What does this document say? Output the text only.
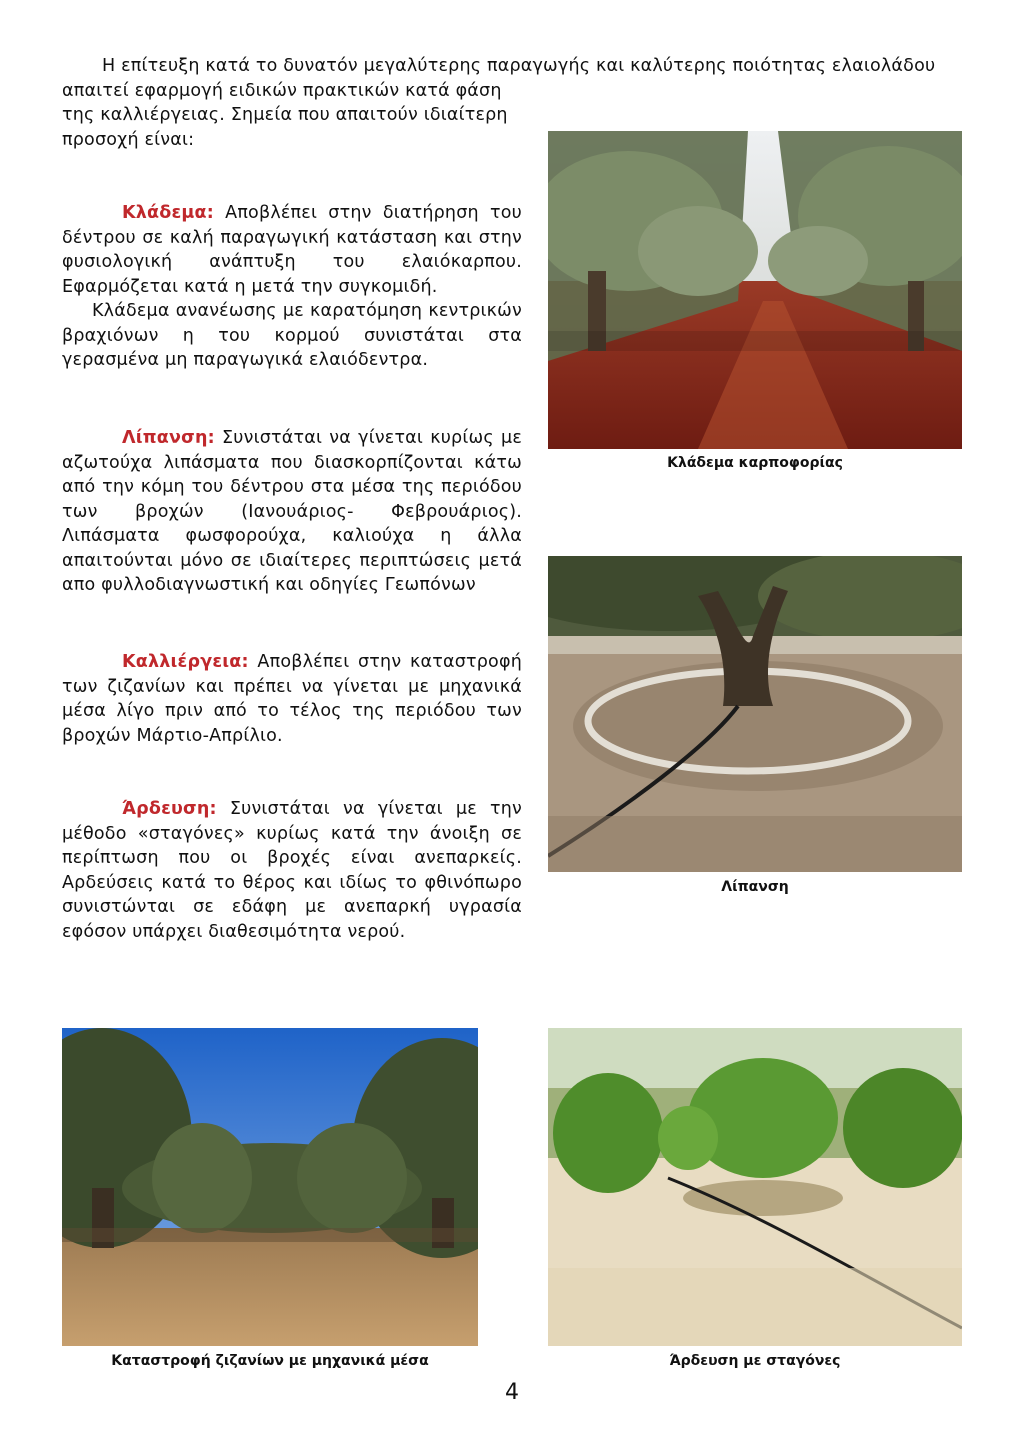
Η επίτευξη κατά το δυνατόν μεγαλύτερης παραγωγής και καλύτερης ποιότητας ελαιολάδου
απαιτεί εφαρμογή ειδικών πρακτικών κατά φάση της καλλιέργειας. Σημεία που απαιτούν ιδιαίτερη προσοχή είναι:

Κλάδεμα: Αποβλέπει στην διατήρηση του δέντρου σε καλή παραγωγική κατάσταση και στην φυσιολογική ανάπτυξη του ελαιόκαρπου. Εφαρμόζεται κατά η μετά την συγκομιδή.

Κλάδεμα ανανέωσης με καρατόμηση κεντρικών βραχιόνων η του κορμού συνιστάται στα γερασμένα μη παραγωγικά ελαιόδεντρα.

Λίπανση: Συνιστάται να γίνεται κυρίως με αζωτούχα λιπάσματα που διασκορπίζονται κάτω από την κόμη του δέντρου στα μέσα της περιόδου των βροχών (Ιανουάριος- Φεβρουάριος). Λιπάσματα φωσφορούχα, καλιούχα η άλλα απαιτούνται μόνο σε ιδιαίτερες περιπτώσεις μετά απο φυλλοδιαγνωστική και οδηγίες Γεωπόνων

Καλλιέργεια: Αποβλέπει στην καταστροφή των ζιζανίων και πρέπει να γίνεται με μηχανικά μέσα λίγο πριν από το τέλος της περιόδου των βροχών Μάρτιο-Απρίλιο.

Άρδευση: Συνιστάται να γίνεται με την μέθοδο «σταγόνες» κυρίως κατά την άνοιξη σε περίπτωση που οι βροχές είναι ανεπαρκείς. Αρδεύσεις κατά το θέρος και ιδίως το φθινόπωρο συνιστώνται σε εδάφη με ανεπαρκή υγρασία εφόσον υπάρχει διαθεσιμότητα νερού.

Κλάδεμα καρποφορίας
Λίπανση
Καταστροφή ζιζανίων με μηχανικά μέσα	Άρδευση με σταγόνες
4
